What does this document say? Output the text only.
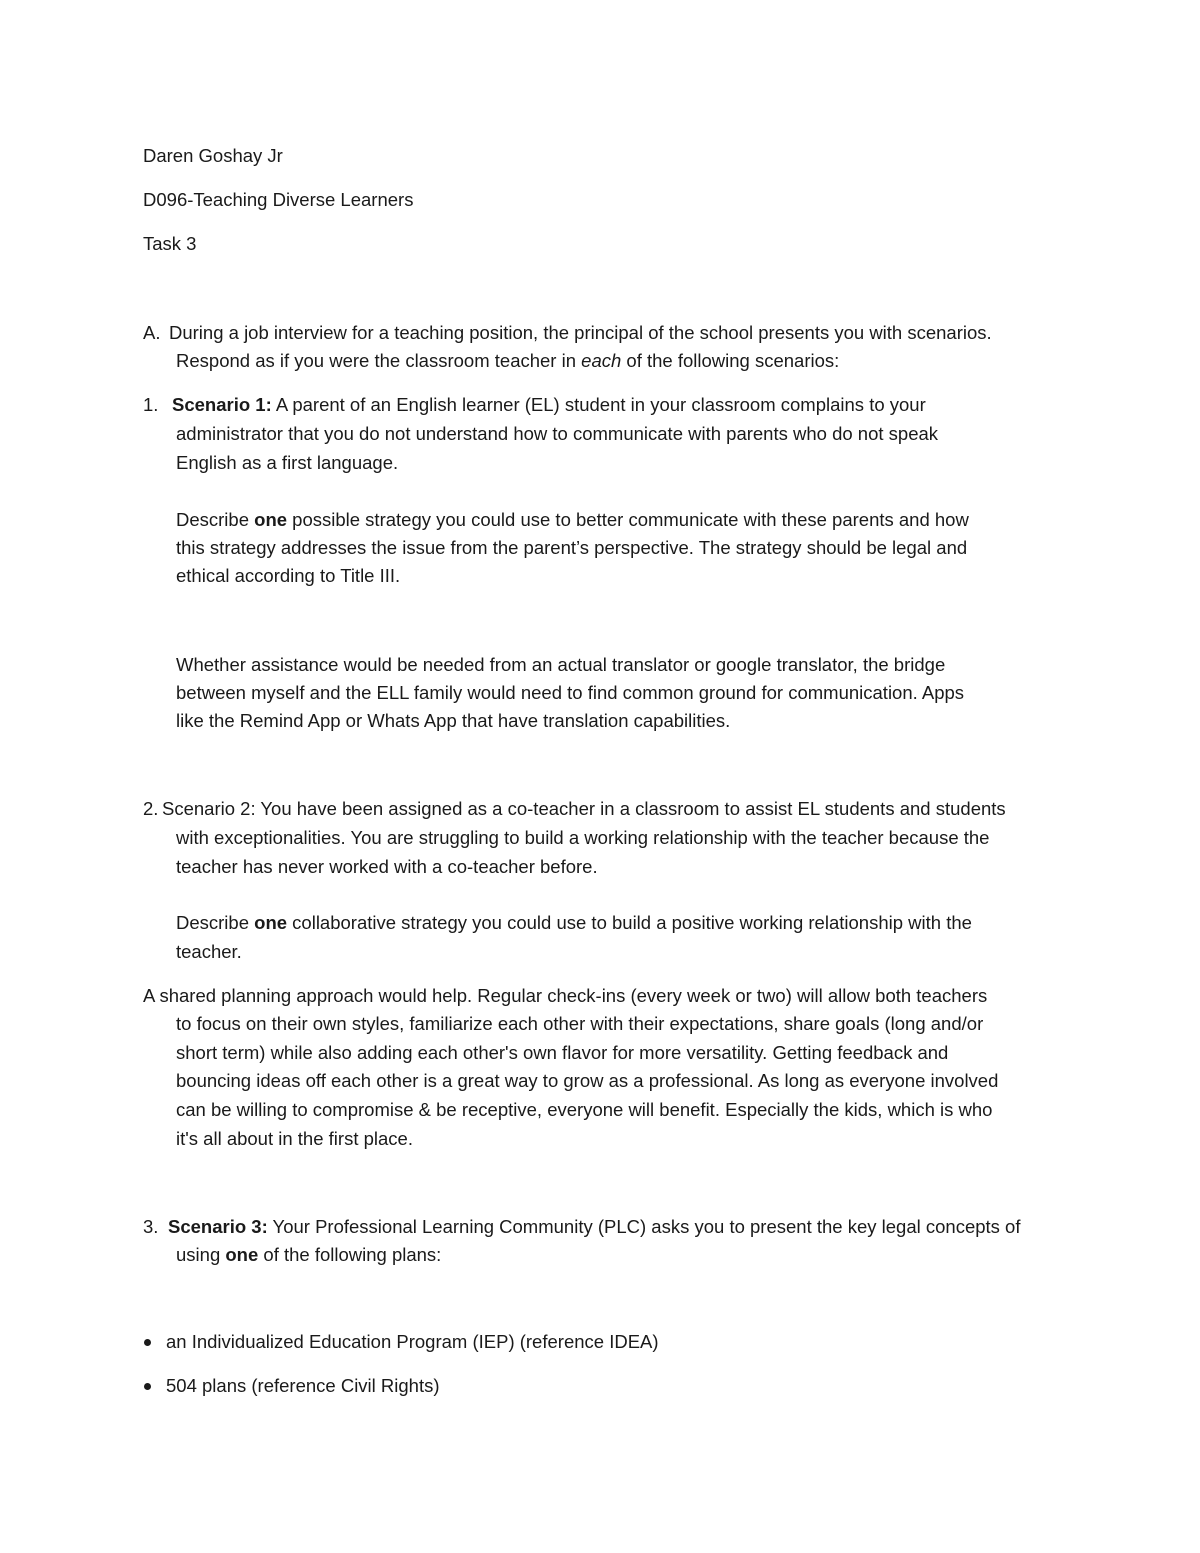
Daren Goshay Jr
D096-Teaching Diverse Learners
Task 3
A. During a job interview for a teaching position, the principal of the school presents you with scenarios.
Respond as if you were the classroom teacher in each of the following scenarios:
1. Scenario 1: A parent of an English learner (EL) student in your classroom complains to your
administrator that you do not understand how to communicate with parents who do not speak
English as a first language.
Describe one possible strategy you could use to better communicate with these parents and how
this strategy addresses the issue from the parent’s perspective. The strategy should be legal and
ethical according to Title III.
Whether assistance would be needed from an actual translator or google translator, the bridge
between myself and the ELL family would need to find common ground for communication. Apps
like the Remind App or Whats App that have translation capabilities.
2. Scenario 2: You have been assigned as a co-teacher in a classroom to assist EL students and students
with exceptionalities. You are struggling to build a working relationship with the teacher because the
teacher has never worked with a co-teacher before.
Describe one collaborative strategy you could use to build a positive working relationship with the
teacher.
A shared planning approach would help. Regular check-ins (every week or two) will allow both teachers
to focus on their own styles, familiarize each other with their expectations, share goals (long and/or
short term) while also adding each other's own flavor for more versatility. Getting feedback and
bouncing ideas off each other is a great way to grow as a professional. As long as everyone involved
can be willing to compromise & be receptive, everyone will benefit. Especially the kids, which is who
it's all about in the first place.
3. Scenario 3: Your Professional Learning Community (PLC) asks you to present the key legal concepts of
using one of the following plans:
an Individualized Education Program (IEP) (reference IDEA)
504 plans (reference Civil Rights)
